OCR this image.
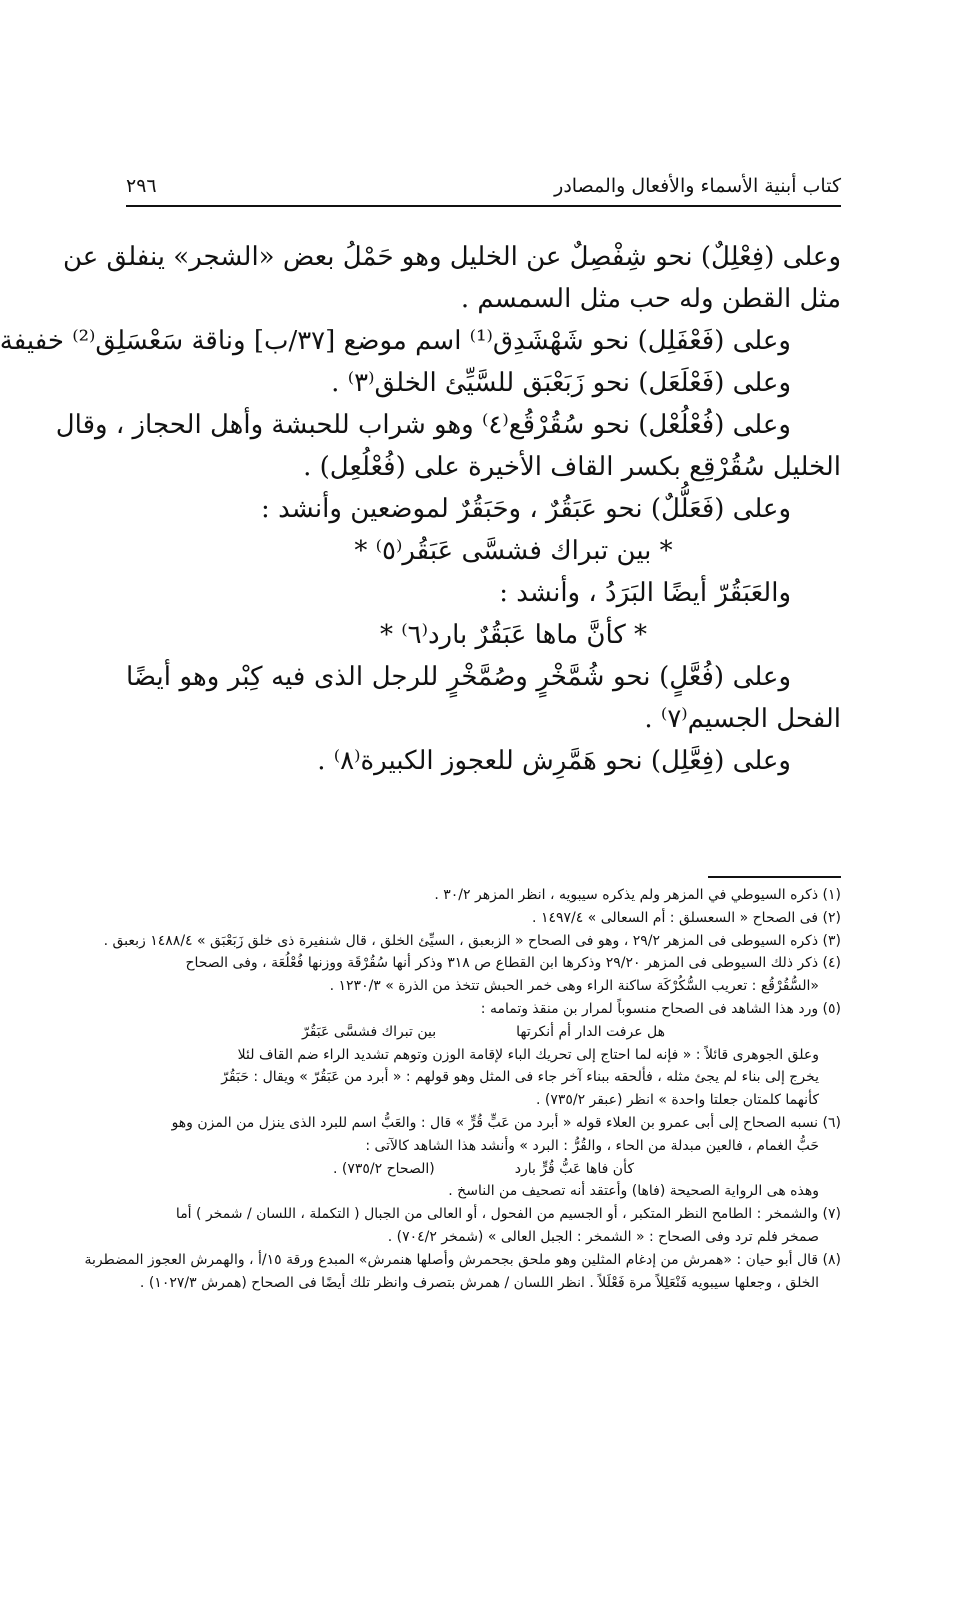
كتاب أبنية الأسماء والأفعال والمصادر
٢٩٦
وعلى (فِعْلِلٌ) نحو شِفْصِلٌ عن الخليل وهو حَمْلُ بعض «الشجر» ينفلق عن
مثل القطن وله حب مثل السمسم .
وعلى (فَعْفَلِل) نحو شَهْشَدِق⁽¹⁾ اسم موضع [٣٧/ب] وناقة سَعْسَلِق⁽²⁾ خفيفة
وعلى (فَعْلَعَل) نحو زَبَعْبَق للسَّيِّئ الخلق⁽٣⁾ .
وعلى (فُعْلُعْل) نحو سُقُرْقُع⁽٤⁾ وهو شراب للحبشة وأهل الحجاز ، وقال
الخليل سُقُرْقِع بكسر القاف الأخيرة على (فُعْلُعِل) .
وعلى (فَعَلُّلٌ) نحو عَبَقُرٌ ، وحَبَقُرٌ لموضعين وأنشد :
* بين تبراك فشسَّى عَبَقُر⁽٥⁾ *
والعَبَقُرّ أيضًا البَرَدُ ، وأنشد :
* كأنَّ ماها عَبَقُرٌ بارد⁽٦⁾ *
وعلى (فُعَّلٍ) نحو شُمَّخْرٍ وصُمَّخْرٍ للرجل الذى فيه كِبْر وهو أيضًا
الفحل الجسيم⁽٧⁾ .
وعلى (فِعَّلِل) نحو هَمَّرِش للعجوز الكبيرة⁽٨⁾ .
(١) ذكره السيوطي في المزهر ولم يذكره سيبويه ، انظر المزهر ٣٠/٢ .
(٢) فى الصحاح « السعسلق : أم السعالى » ١٤٩٧/٤ .
(٣) ذكره السيوطى فى المزهر ٢٩/٢ ، وهو فى الصحاح « الزبعبق ، السيِّئ الخلق ، قال شنفيرة ذى خلق زَبَعْبَق » ١٤٨٨/٤ زبعبق .
(٤) ذكر ذلك السيوطى فى المزهر ٢٩/٢٠ وذكرها ابن القطاع ص ٣١٨ وذكر أنها سُقُرْقَة ووزنها فُعْلُعَة ، وفى الصحاح
«السُّقُرْقُع : تعريب السُّكُرْكَة ساكنة الراء وهى خمر الحبش تتخذ من الذرة » ١٢٣٠/٣ .
(٥) ورد هذا الشاهد فى الصحاح منسوباً لمرار بن منقذ وتمامه :
هل عرفت الدار أم أنكرتها
بين تبراك فشسَّى عَبَقُرّ
وعلق الجوهرى قائلاً : « فإنه لما احتاج إلى تحريك الباء لإقامة الوزن وتوهم تشديد الراء ضم القاف لئلا
يخرج إلى بناء لم يجئ مثله ، فألحقه ببناء آخر جاء فى المثل وهو قولهم : « أبرد من عَبَقُرّ » ويقال : حَبَقُرّ
كأنهما كلمتان جعلتا واحدة » انظر (عبقر ٧٣٥/٢) .
(٦) نسبه الصحاح إلى أبى عمرو بن العلاء قوله « أبرد من عَبٍّ قُرٍّ » قال : والعَبُّ اسم للبرد الذى ينزل من المزن وهو
حَبُّ الغمام ، فالعين مبدلة من الحاء ، والقُرُّ : البرد » وأنشد هذا الشاهد كالآتى :
كأن فاها عَبُّ قُرٍّ بارد
(الصحاح ٧٣٥/٢) .
وهذه هى الرواية الصحيحة (فاها) وأعتقد أنه تصحيف من الناسخ .
(٧) والشمخر : الطامح النظر المتكبر ، أو الجسيم من الفحول ، أو العالى من الجبال ( التكملة ، اللسان / شمخر ) أما
صمخر فلم ترد وفى الصحاح : « الشمخر : الجبل العالى » (شمخر ٧٠٤/٢) .
(٨) قال أبو حيان : «همرش من إدغام المثلين وهو ملحق بجحمرش وأصلها هنمرش» المبدع ورقة ١٥/أ ، والهمرش العجوز المضطربة
الخلق ، وجعلها سيبويه فَنْعَلِلاً مرة فَعْلَلاً . انظر اللسان / همرش بتصرف وانظر تلك أيضًا فى الصحاح (همرش ١٠٢٧/٣) .
